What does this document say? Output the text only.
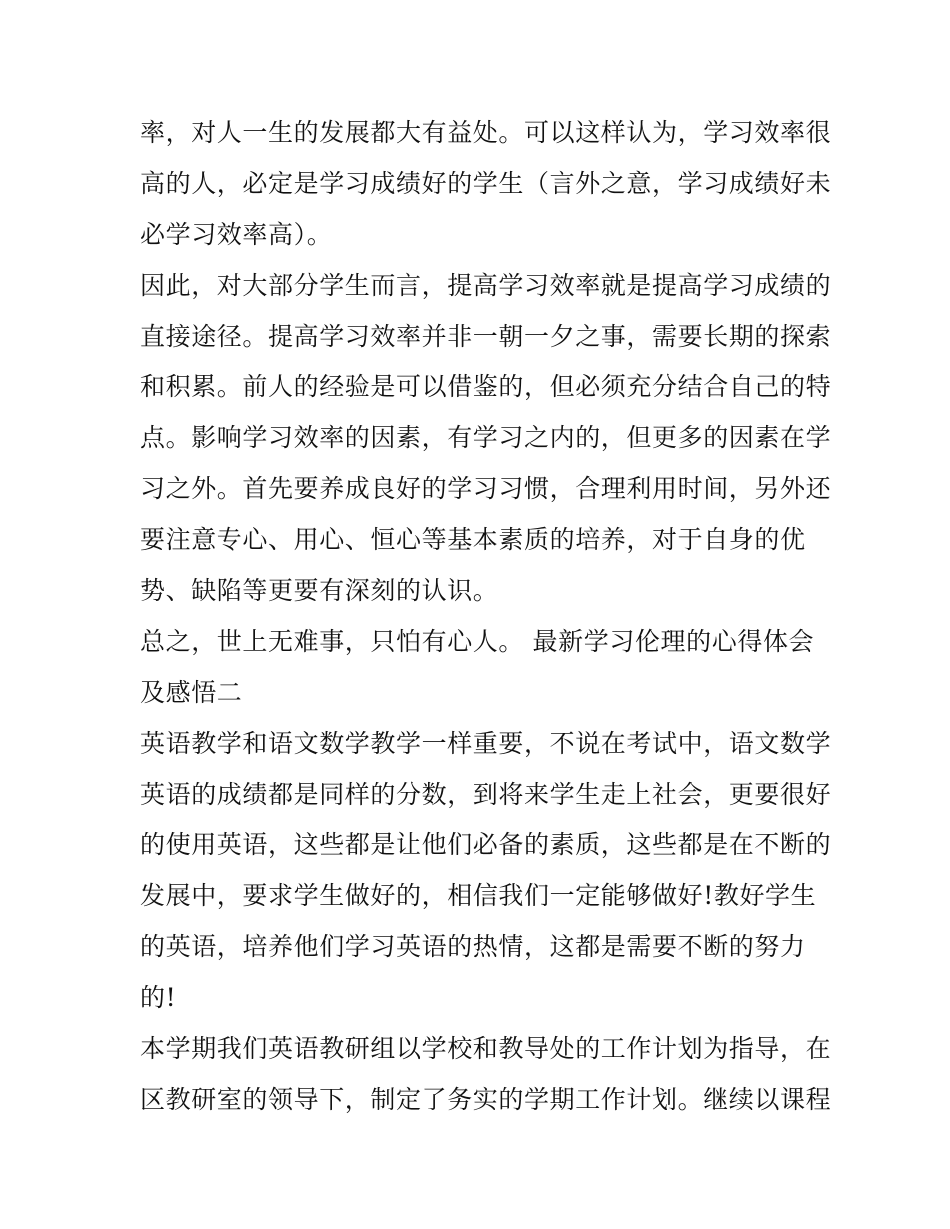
率，对人一生的发展都大有益处。可以这样认为，学习效率很
高的人，必定是学习成绩好的学生（言外之意，学习成绩好未
必学习效率高）。
因此，对大部分学生而言，提高学习效率就是提高学习成绩的
直接途径。提高学习效率并非一朝一夕之事，需要长期的探索
和积累。前人的经验是可以借鉴的，但必须充分结合自己的特
点。影响学习效率的因素，有学习之内的，但更多的因素在学
习之外。首先要养成良好的学习习惯，合理利用时间，另外还
要注意专心、用心、恒心等基本素质的培养，对于自身的优
势、缺陷等更要有深刻的认识。
总之，世上无难事，只怕有心人。 最新学习伦理的心得体会
及感悟二
英语教学和语文数学教学一样重要，不说在考试中，语文数学
英语的成绩都是同样的分数，到将来学生走上社会，更要很好
的使用英语，这些都是让他们必备的素质，这些都是在不断的
发展中，要求学生做好的，相信我们一定能够做好!教好学生
的英语，培养他们学习英语的热情，这都是需要不断的努力
的!
本学期我们英语教研组以学校和教导处的工作计划为指导，在
区教研室的领导下，制定了务实的学期工作计划。继续以课程
